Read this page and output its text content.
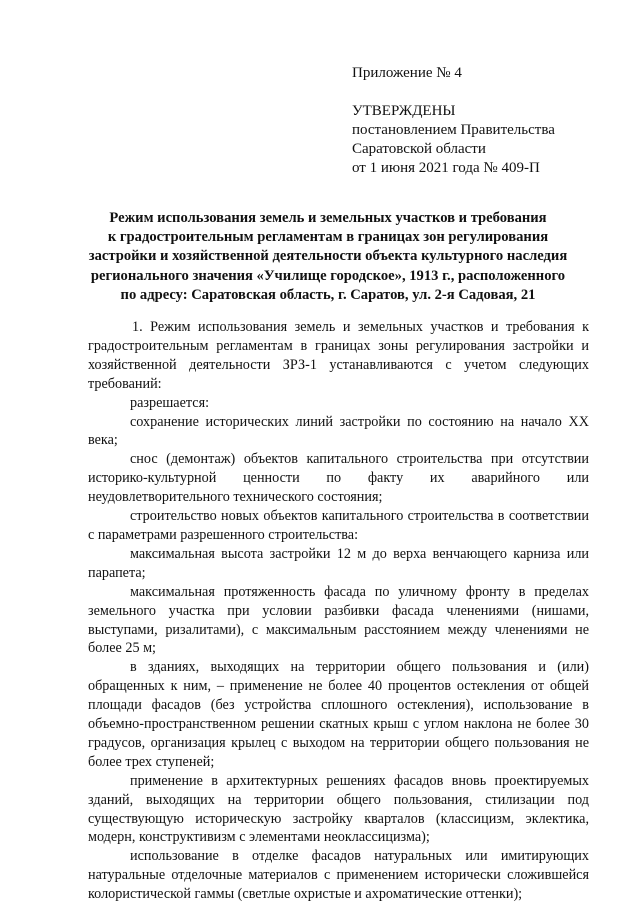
Приложение № 4
УТВЕРЖДЕНЫ
постановлением Правительства
Саратовской области
от 1 июня 2021 года № 409-П
Режим использования земель и земельных участков и требования
к градостроительным регламентам в границах зон регулирования
застройки и хозяйственной деятельности объекта культурного наследия
регионального значения «Училище городское», 1913 г., расположенного
по адресу: Саратовская область, г. Саратов, ул. 2-я Садовая, 21

1. Режим использования земель и земельных участков и требования к градостроительным регламентам в границах зоны регулирования застройки и хозяйственной деятельности ЗРЗ-1 устанавливаются с учетом следующих требований:

разрешается:

сохранение исторических линий застройки по состоянию на начало XX века;

снос (демонтаж) объектов капитального строительства при отсутствии историко-культурной ценности по факту их аварийного или неудовлетворительного технического состояния;

строительство новых объектов капитального строительства в соответствии с параметрами разрешенного строительства:

максимальная высота застройки 12 м до верха венчающего карниза или парапета;

максимальная протяженность фасада по уличному фронту в пределах земельного участка при условии разбивки фасада членениями (нишами, выступами, ризалитами), с максимальным расстоянием между членениями не более 25 м;

в зданиях, выходящих на территории общего пользования и (или) обращенных к ним, – применение не более 40 процентов остекления от общей площади фасадов (без устройства сплошного остекления), использование в объемно-пространственном решении скатных крыш с углом наклона не более 30 градусов, организация крылец с выходом на территории общего пользования не более трех ступеней;

применение в архитектурных решениях фасадов вновь проектируемых зданий, выходящих на территории общего пользования, стилизации под существующую историческую застройку кварталов (классицизм, эклектика, модерн, конструктивизм с элементами неоклассицизма);

использование в отделке фасадов натуральных или имитирующих натуральные отделочные материалов с применением исторически сложившейся колористической гаммы (светлые охристые и ахроматические оттенки);
